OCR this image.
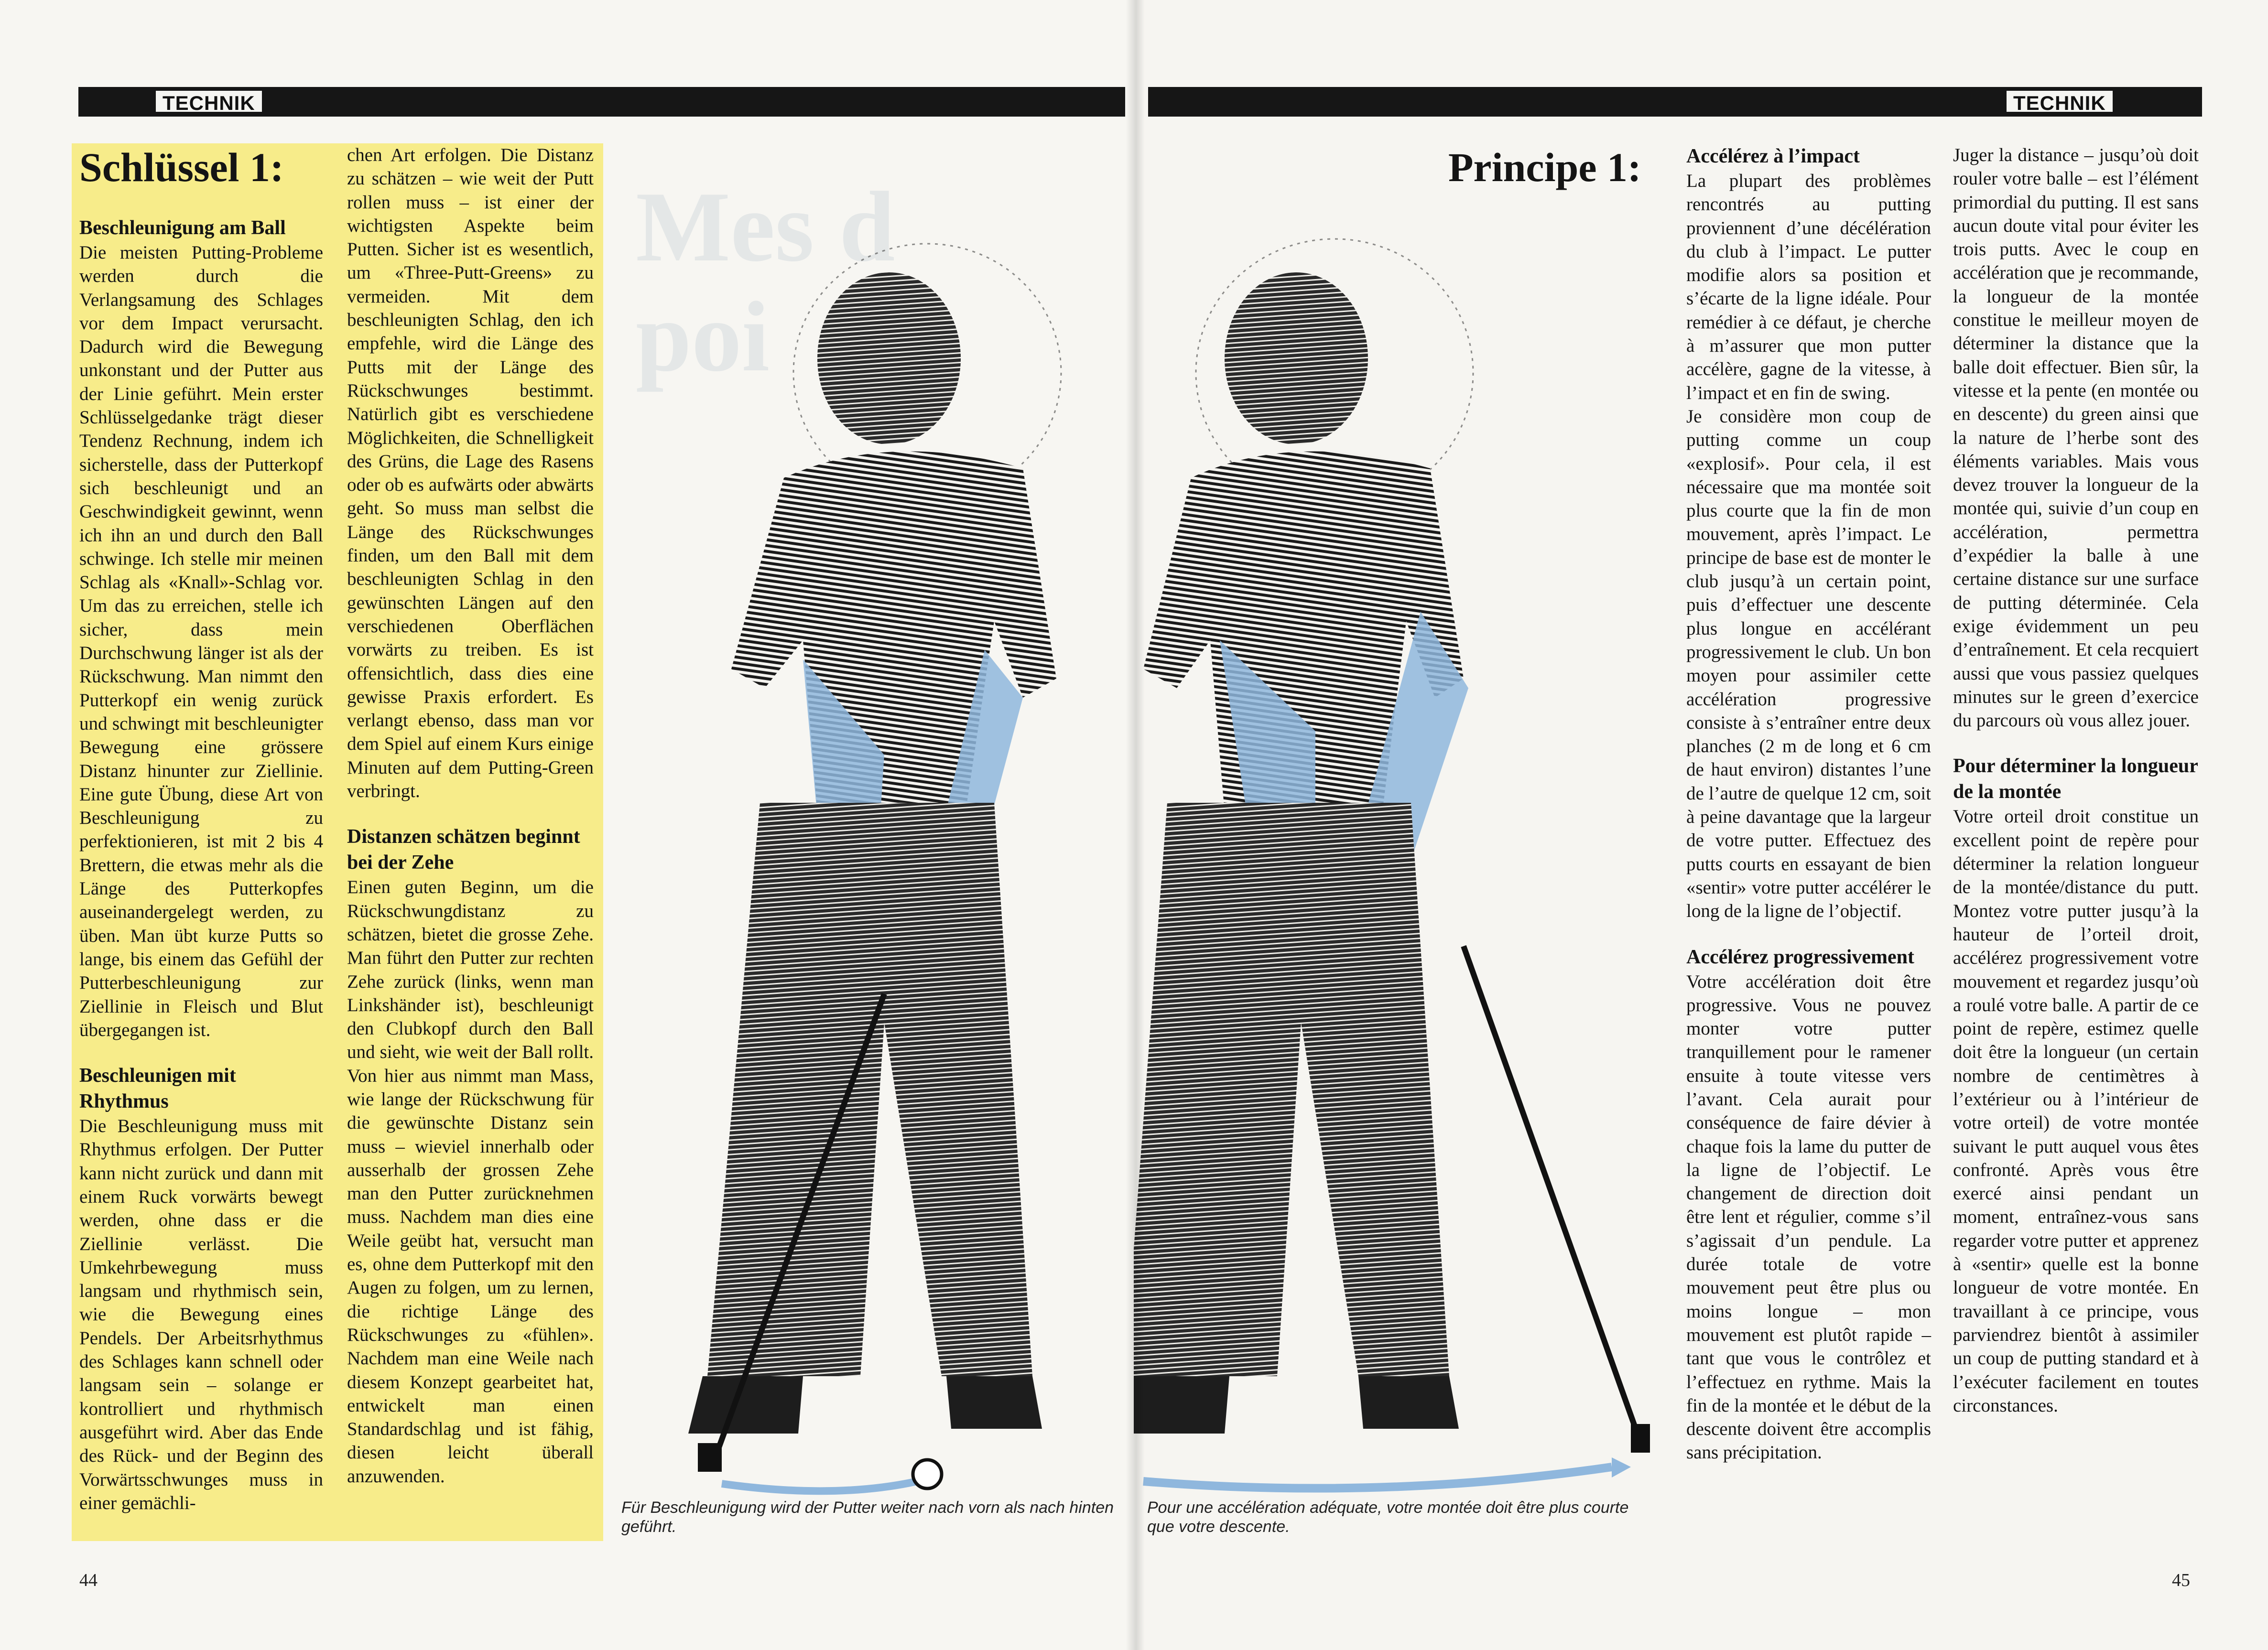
Mes d
poi
TECHNIK
Schlüssel 1:

Beschleunigung am Ball

Die meisten Putting-Probleme werden durch die Verlangsamung des Schlages vor dem Impact verursacht. Dadurch wird die Bewegung unkonstant und der Putter aus der Linie geführt. Mein erster Schlüsselgedanke trägt dieser Tendenz Rechnung, indem ich sicherstelle, dass der Putterkopf sich beschleunigt und an Geschwindigkeit gewinnt, wenn ich ihn an und durch den Ball schwinge. Ich stelle mir meinen Schlag als «Knall»-Schlag vor. Um das zu erreichen, stelle ich sicher, dass mein Durchschwung länger ist als der Rückschwung. Man nimmt den Putterkopf ein wenig zurück und schwingt mit beschleunigter Bewegung eine grössere Distanz hinunter zur Ziellinie. Eine gute Übung, diese Art von Beschleunigung zu perfektionieren, ist mit 2 bis 4 Brettern, die etwas mehr als die Länge des Putterkopfes auseinandergelegt werden, zu üben. Man übt kurze Putts so lange, bis einem das Gefühl der Putterbeschleunigung zur Ziellinie in Fleisch und Blut übergegangen ist.

Beschleunigen mit Rhythmus

Die Beschleunigung muss mit Rhythmus erfolgen. Der Putter kann nicht zurück und dann mit einem Ruck vorwärts bewegt werden, ohne dass er die Ziellinie verlässt. Die Umkehrbewegung muss langsam und rhythmisch sein, wie die Bewegung eines Pendels. Der Arbeitsrhythmus des Schlages kann schnell oder langsam sein – solange er kontrolliert und rhythmisch ausgeführt wird. Aber das Ende des Rück- und der Beginn des Vorwärtsschwunges muss in einer gemächli-

chen Art erfolgen. Die Distanz zu schätzen – wie weit der Putt rollen muss – ist einer der wichtigsten Aspekte beim Putten. Sicher ist es wesentlich, um «Three-Putt-Greens» zu vermeiden. Mit dem beschleunigten Schlag, den ich empfehle, wird die Länge des Putts mit der Länge des Rückschwunges bestimmt. Natürlich gibt es verschiedene Möglichkeiten, die Schnelligkeit des Grüns, die Lage des Rasens oder ob es aufwärts oder abwärts geht. So muss man selbst die Länge des Rückschwunges finden, um den Ball mit dem beschleunigten Schlag in den gewünschten Längen auf den verschiedenen Oberflächen vorwärts zu treiben. Es ist offensichtlich, dass dies eine gewisse Praxis erfordert. Es verlangt ebenso, dass man vor dem Spiel auf einem Kurs einige Minuten auf dem Putting-Green verbringt.

Distanzen schätzen beginnt bei der Zehe

Einen guten Beginn, um die Rückschwungdistanz zu schätzen, bietet die grosse Zehe. Man führt den Putter zur rechten Zehe zurück (links, wenn man Linkshänder ist), beschleunigt den Clubkopf durch den Ball und sieht, wie weit der Ball rollt. Von hier aus nimmt man Mass, wie lange der Rückschwung für die gewünschte Distanz sein muss – wieviel innerhalb oder ausserhalb der grossen Zehe man den Putter zurücknehmen muss. Nachdem man dies eine Weile geübt hat, versucht man es, ohne dem Putterkopf mit den Augen zu folgen, um zu lernen, die richtige Länge des Rückschwunges zu «fühlen». Nachdem man eine Weile nach diesem Konzept gearbeitet hat, entwickelt man einen Standardschlag und ist fähig, diesen leicht überall anzuwenden.

Für Beschleunigung wird der Putter weiter nach vorn als nach hinten geführt.
44
TECHNIK
Principe 1:	Accélérez à l’impact

La plupart des problèmes rencontrés au putting proviennent d’une décélération du club à l’impact. Le putter modifie alors sa position et s’écarte de la ligne idéale. Pour remédier à ce défaut, je cherche à m’assurer que mon putter accélère, gagne de la vitesse, à l’impact et en fin de swing.

Je considère mon coup de putting comme un coup «explosif». Pour cela, il est nécessaire que ma montée soit plus courte que la fin de mon mouvement, après l’impact. Le principe de base est de monter le club jusqu’à un certain point, puis d’effectuer une descente plus longue en accélérant progressivement le club. Un bon moyen pour assimiler cette accélération progressive consiste à s’entraîner entre deux planches (2 m de long et 6 cm de haut environ) distantes l’une de l’autre de quelque 12 cm, soit à peine davantage que la largeur de votre putter. Effectuez des putts courts en essayant de bien «sentir» votre putter accélérer le long de la ligne de l’objectif.

Accélérez progressivement

Votre accélération doit être progressive. Vous ne pouvez monter votre putter tranquillement pour le ramener ensuite à toute vitesse vers l’avant. Cela aurait pour conséquence de faire dévier à chaque fois la lame du putter de la ligne de l’objectif. Le changement de direction doit être lent et régulier, comme s’il s’agissait d’un pendule. La durée totale de votre mouvement peut être plus ou moins longue – mon mouvement est plutôt rapide – tant que vous le contrôlez et l’effectuez en rythme. Mais la fin de la montée et le début de la descente doivent être accomplis sans précipitation.

Juger la distance – jusqu’où doit rouler votre balle – est l’élément primordial du putting. Il est sans aucun doute vital pour éviter les trois putts. Avec le coup en accélération que je recommande, la longueur de la montée constitue le meilleur moyen de déterminer la distance que la balle doit effectuer. Bien sûr, la vitesse et la pente (en montée ou en descente) du green ainsi que la nature de l’herbe sont des éléments variables. Mais vous devez trouver la longueur de la montée qui, suivie d’un coup en accélération, permettra d’expédier la balle à une certaine distance sur une surface de putting déterminée. Cela exige évidemment un peu d’entraînement. Et cela recquiert aussi que vous passiez quelques minutes sur le green d’exercice du parcours où vous allez jouer.

Pour déterminer la longueur de la montée

Votre orteil droit constitue un excellent point de repère pour déterminer la relation longueur de la montée/distance du putt. Montez votre putter jusqu’à la hauteur de l’orteil droit, accélérez progressivement votre mouvement et regardez jusqu’où a roulé votre balle. A partir de ce point de repère, estimez quelle doit être la longueur (un certain nombre de centimètres à l’extérieur ou à l’intérieur de votre orteil) de votre montée suivant le putt auquel vous êtes confronté. Après vous être exercé ainsi pendant un moment, entraînez-vous sans regarder votre putter et apprenez à «sentir» quelle est la bonne longueur de votre montée. En travaillant à ce principe, vous parviendrez bientôt à assimiler un coup de putting standard et à l’exécuter facilement en toutes circonstances.

Pour une accélération adéquate, votre montée doit être plus courte que votre descente.
45
